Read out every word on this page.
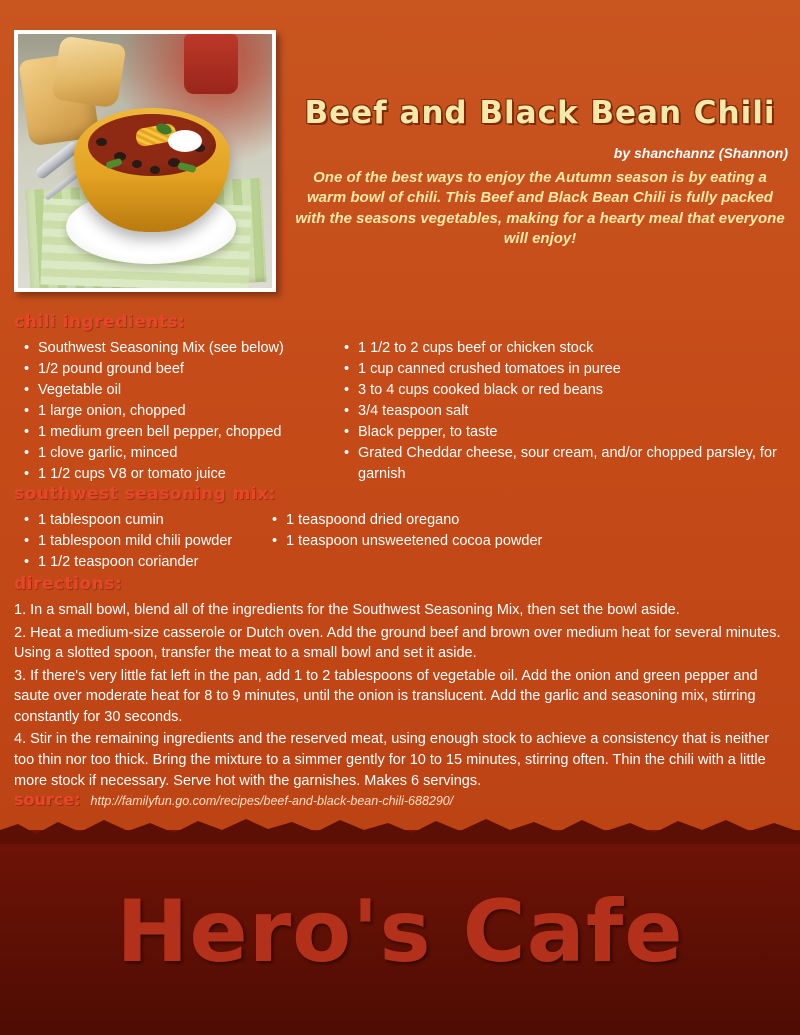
Beef and Black Bean Chili
by shanchannz (Shannon)
One of the best ways to enjoy the Autumn season is by eating a warm bowl of chili. This Beef and Black Bean Chili is fully packed with the seasons vegetables, making for a hearty meal that everyone will enjoy!
chili ingredients:
• Southwest Seasoning Mix (see below)
• 1/2 pound ground beef
• Vegetable oil
• 1 large onion, chopped
• 1 medium green bell pepper, chopped
• 1 clove garlic, minced
• 1 1/2 cups V8 or tomato juice
• 1 1/2 to 2 cups beef or chicken stock
• 1 cup canned crushed tomatoes in puree
• 3 to 4 cups cooked black or red beans
• 3/4 teaspoon salt
• Black pepper, to taste
• Grated Cheddar cheese, sour cream, and/or chopped parsley, for garnish
southwest seasoning mix:
• 1 tablespoon cumin
• 1 tablespoon mild chili powder
• 1 1/2 teaspoon coriander
• 1 teaspoond dried oregano
• 1 teaspoon unsweetened cocoa powder
directions:

1. In a small bowl, blend all of the ingredients for the Southwest Seasoning Mix, then set the bowl aside.

2. Heat a medium-size casserole or Dutch oven. Add the ground beef and brown over medium heat for several minutes. Using a slotted spoon, transfer the meat to a small bowl and set it aside.

3. If there's very little fat left in the pan, add 1 to 2 tablespoons of vegetable oil. Add the onion and green pepper and saute over moderate heat for 8 to 9 minutes, until the onion is translucent. Add the garlic and seasoning mix, stirring constantly for 30 seconds.

4. Stir in the remaining ingredients and the reserved meat, using enough stock to achieve a consistency that is neither too thin nor too thick. Bring the mixture to a simmer gently for 10 to 15 minutes, stirring often. Thin the chili with a little more stock if necessary. Serve hot with the garnishes. Makes 6 servings.

source: http://familyfun.go.com/recipes/beef-and-black-bean-chili-688290/
Hero's Cafe
